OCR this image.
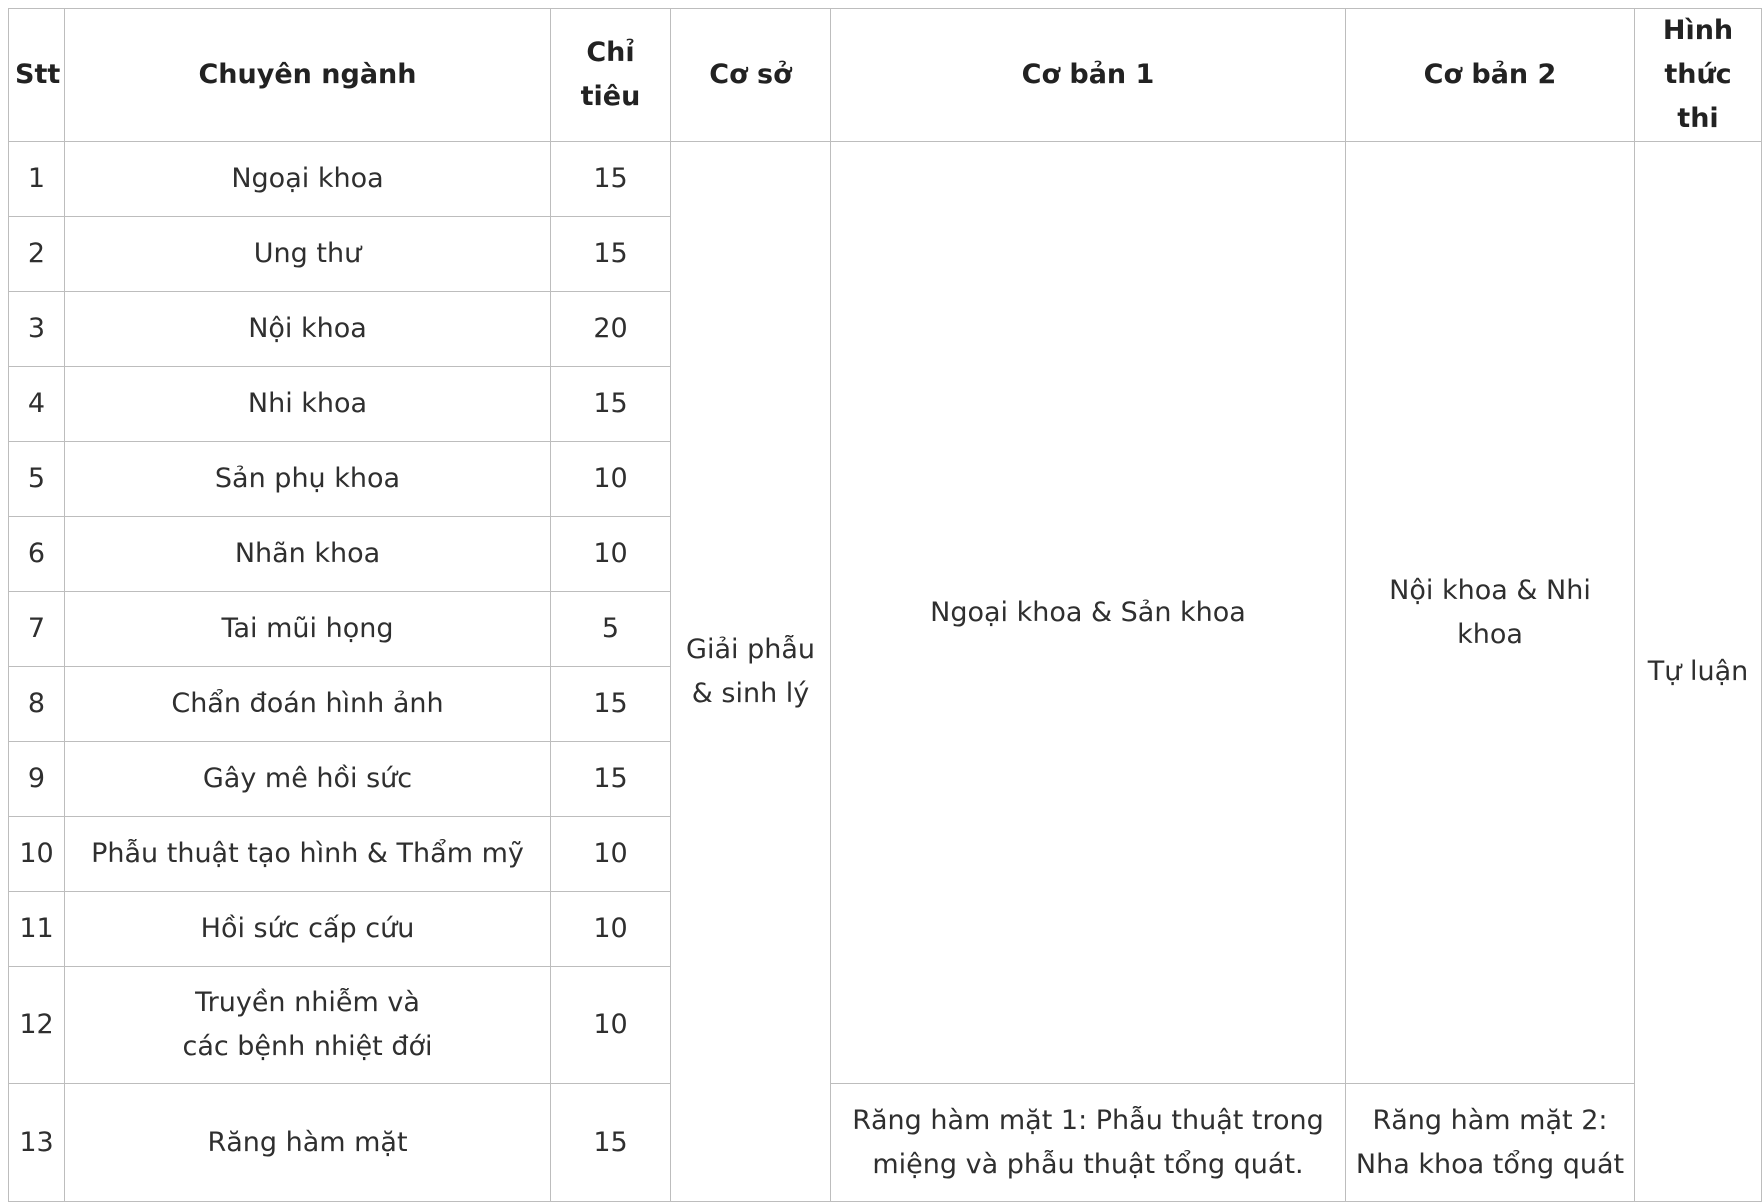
Stt	Chuyên ngành	Chỉ tiêu	Cơ sở	Cơ bản 1	Cơ bản 2	Hình
thức thi

1	Ngoại khoa	15	Giải phẫu
& sinh lý	Ngoại khoa & Sản khoa	Nội khoa & Nhi khoa	Tự luận
2	Ung thư	15				
3	Nội khoa	20				
4	Nhi khoa	15				
5	Sản phụ khoa	10				
6	Nhãn khoa	10				
7	Tai mũi họng	5				
8	Chẩn đoán hình ảnh	15				
9	Gây mê hồi sức	15				
10	Phẫu thuật tạo hình & Thẩm mỹ	10				
11	Hồi sức cấp cứu	10				
12	Truyền nhiễm và
các bệnh nhiệt đới	10				
13	Răng hàm mặt	15		Răng hàm mặt 1: Phẫu thuật trong
miệng và phẫu thuật tổng quát.	Răng hàm mặt 2:
Nha khoa tổng quát	
